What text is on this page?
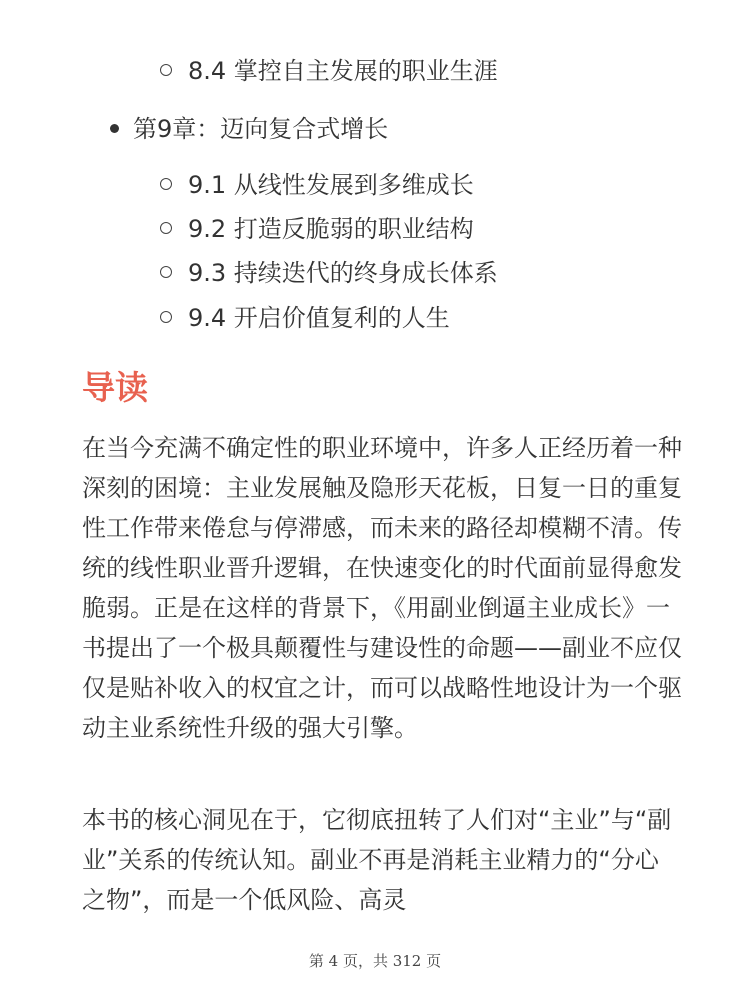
8.4 掌控自主发展的职业生涯
第9章：迈向复合式增长
9.1 从线性发展到多维成长
9.2 打造反脆弱的职业结构
9.3 持续迭代的终身成长体系
9.4 开启价值复利的人生
导读
在当今充满不确定性的职业环境中，许多人正经历着一种深刻的困境：主业发展触及隐形天花板，日复一日的重复性工作带来倦怠与停滞感，而未来的路径却模糊不清。传统的线性职业晋升逻辑，在快速变化的时代面前显得愈发脆弱。正是在这样的背景下，《用副业倒逼主业成长》一书提出了一个极具颠覆性与建设性的命题——副业不应仅仅是贴补收入的权宜之计，而可以战略性地设计为一个驱动主业系统性升级的强大引擎。
本书的核心洞见在于，它彻底扭转了人们对“主业”与“副业”关系的传统认知。副业不再是消耗主业精力的“分心之物”，而是一个低风险、高灵
第 4 页，共 312 页
